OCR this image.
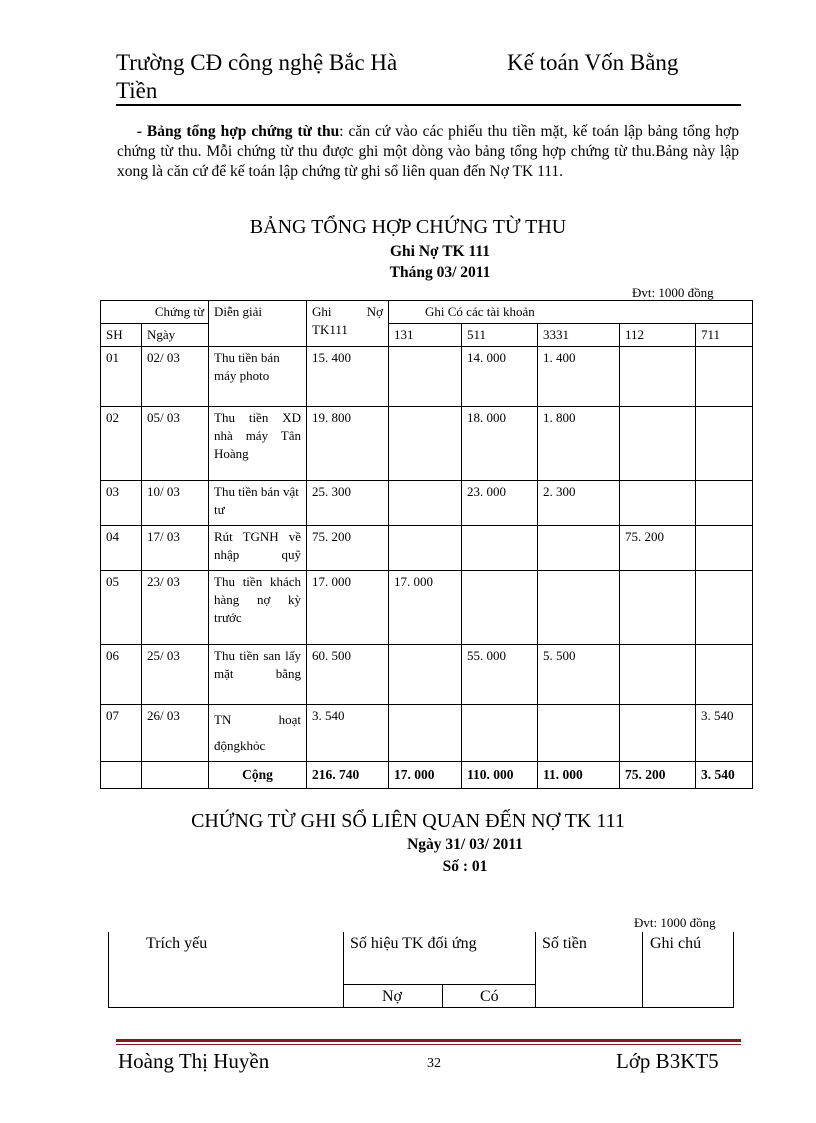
Trường CĐ công nghệ Bắc Hà	Kế toán Vốn Bằng
Tiền
- Bảng tổng hợp chứng từ thu: căn cứ vào các phiếu thu tiền mặt, kế toán lập bảng tổng hợp chứng từ thu. Mỗi chứng từ thu được ghi một dòng vào bảng tổng hợp chứng từ thu.Bảng này lập xong là căn cứ để kế toán lập chứng từ ghi sổ liên quan đến Nợ TK 111.
BẢNG TỔNG HỢP CHỨNG TỪ THU
Ghi Nợ TK 111
Tháng 03/ 2011
Đvt: 1000 đồng
Chứng từ		Diễn giải	Ghi Nợ
TK111	Ghi Có các tài khoản				
SH	Ngày			131	511	3331	112	711
01	02/ 03	Thu tiền bán máy photo	15. 400		14. 000	1. 400		
02	05/ 03	Thu tiền XD nhà máy Tân Hoàng	19. 800		18. 000	1. 800		
03	10/ 03	Thu tiền bán vật tư	25. 300		23. 000	2. 300		
04	17/ 03	Rút TGNH về nhập quỹ	75. 200				75. 200	
05	23/ 03	Thu tiền khách hàng nợ kỳ trước	17. 000	17. 000				
06	25/ 03	Thu tiền san lấy mặt bằng	60. 500		55. 000	5. 500		
07	26/ 03	TN hoạt độngkhỏc	3. 540					3. 540
		Cộng	216. 740	17. 000	110. 000	11. 000	75. 200	3. 540
CHỨNG TỪ GHI SỔ LIÊN QUAN ĐẾN NỢ TK 111
Ngày 31/ 03/ 2011
Số : 01
Đvt: 1000 đồng
Trích yếu	Số hiệu TK đối ứng	Số tiền	Ghi chú
Nợ	Có
Hoàng Thị Huyền	32	Lớp B3KT5
